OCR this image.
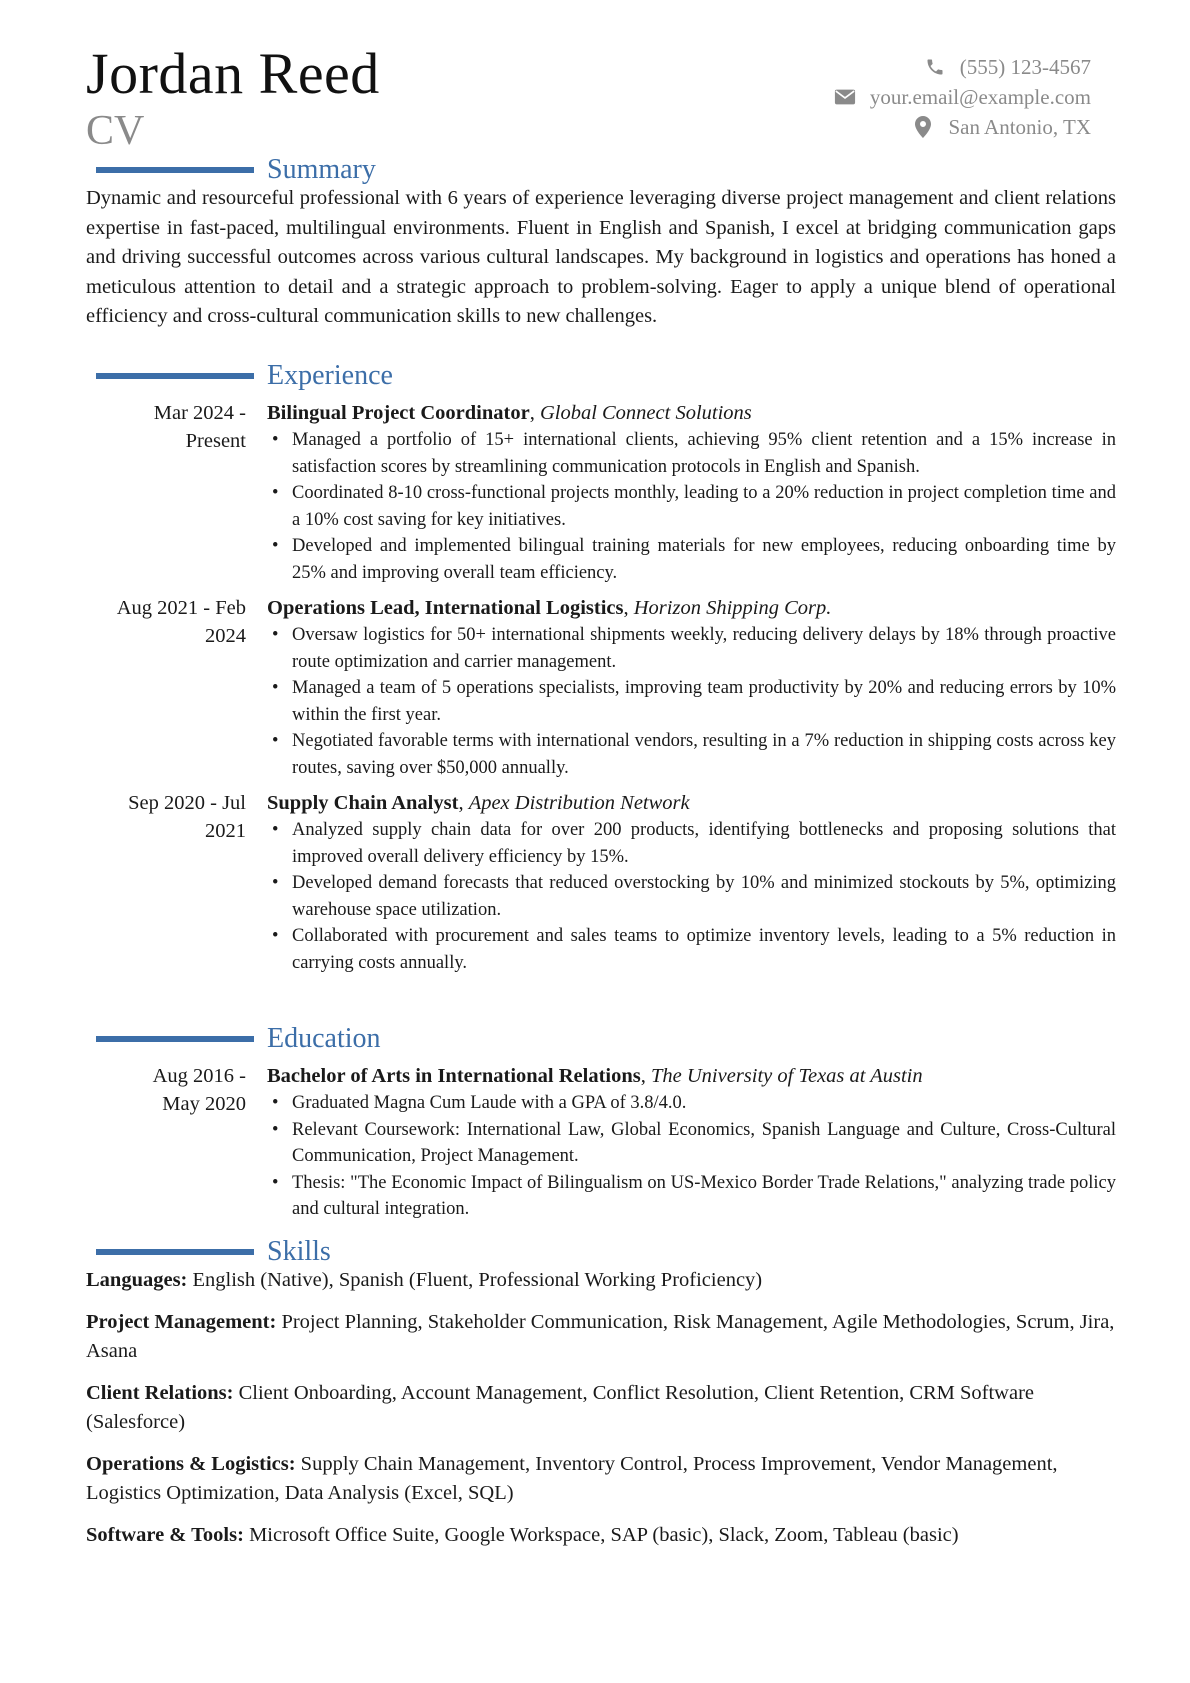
Jordan Reed
CV
(555) 123-4567
your.email@example.com
San Antonio, TX
Summary
Dynamic and resourceful professional with 6 years of experience leveraging diverse project management and client relations expertise in fast-paced, multilingual environments. Fluent in English and Spanish, I excel at bridging communication gaps and driving successful outcomes across various cultural landscapes. My background in logistics and operations has honed a meticulous attention to detail and a strategic approach to problem-solving. Eager to apply a unique blend of operational efficiency and cross-cultural communication skills to new challenges.
Experience
Mar 2024 -
Present
Bilingual Project Coordinator, Global Connect Solutions
• Managed a portfolio of 15+ international clients, achieving 95% client retention and a 15% increase in satisfaction scores by streamlining communication protocols in English and Spanish.
• Coordinated 8-10 cross-functional projects monthly, leading to a 20% reduction in project completion time and a 10% cost saving for key initiatives.
• Developed and implemented bilingual training materials for new employees, reducing onboarding time by 25% and improving overall team efficiency.
Aug 2021 - Feb
2024
Operations Lead, International Logistics, Horizon Shipping Corp.
• Oversaw logistics for 50+ international shipments weekly, reducing delivery delays by 18% through proactive route optimization and carrier management.
• Managed a team of 5 operations specialists, improving team productivity by 20% and reducing errors by 10% within the first year.
• Negotiated favorable terms with international vendors, resulting in a 7% reduction in shipping costs across key routes, saving over $50,000 annually.
Sep 2020 - Jul
2021
Supply Chain Analyst, Apex Distribution Network
• Analyzed supply chain data for over 200 products, identifying bottlenecks and proposing solutions that improved overall delivery efficiency by 15%.
• Developed demand forecasts that reduced overstocking by 10% and minimized stockouts by 5%, optimizing warehouse space utilization.
• Collaborated with procurement and sales teams to optimize inventory levels, leading to a 5% reduction in carrying costs annually.
Education
Aug 2016 -
May 2020
Bachelor of Arts in International Relations, The University of Texas at Austin
• Graduated Magna Cum Laude with a GPA of 3.8/4.0.
• Relevant Coursework: International Law, Global Economics, Spanish Language and Culture, Cross-Cultural Communication, Project Management.
• Thesis: "The Economic Impact of Bilingualism on US-Mexico Border Trade Relations," analyzing trade policy and cultural integration.
Skills
Languages: English (Native), Spanish (Fluent, Professional Working Proficiency)
Project Management: Project Planning, Stakeholder Communication, Risk Management, Agile Methodologies, Scrum, Jira, Asana
Client Relations: Client Onboarding, Account Management, Conflict Resolution, Client Retention, CRM Software (Salesforce)
Operations & Logistics: Supply Chain Management, Inventory Control, Process Improvement, Vendor Management, Logistics Optimization, Data Analysis (Excel, SQL)
Software & Tools: Microsoft Office Suite, Google Workspace, SAP (basic), Slack, Zoom, Tableau (basic)
